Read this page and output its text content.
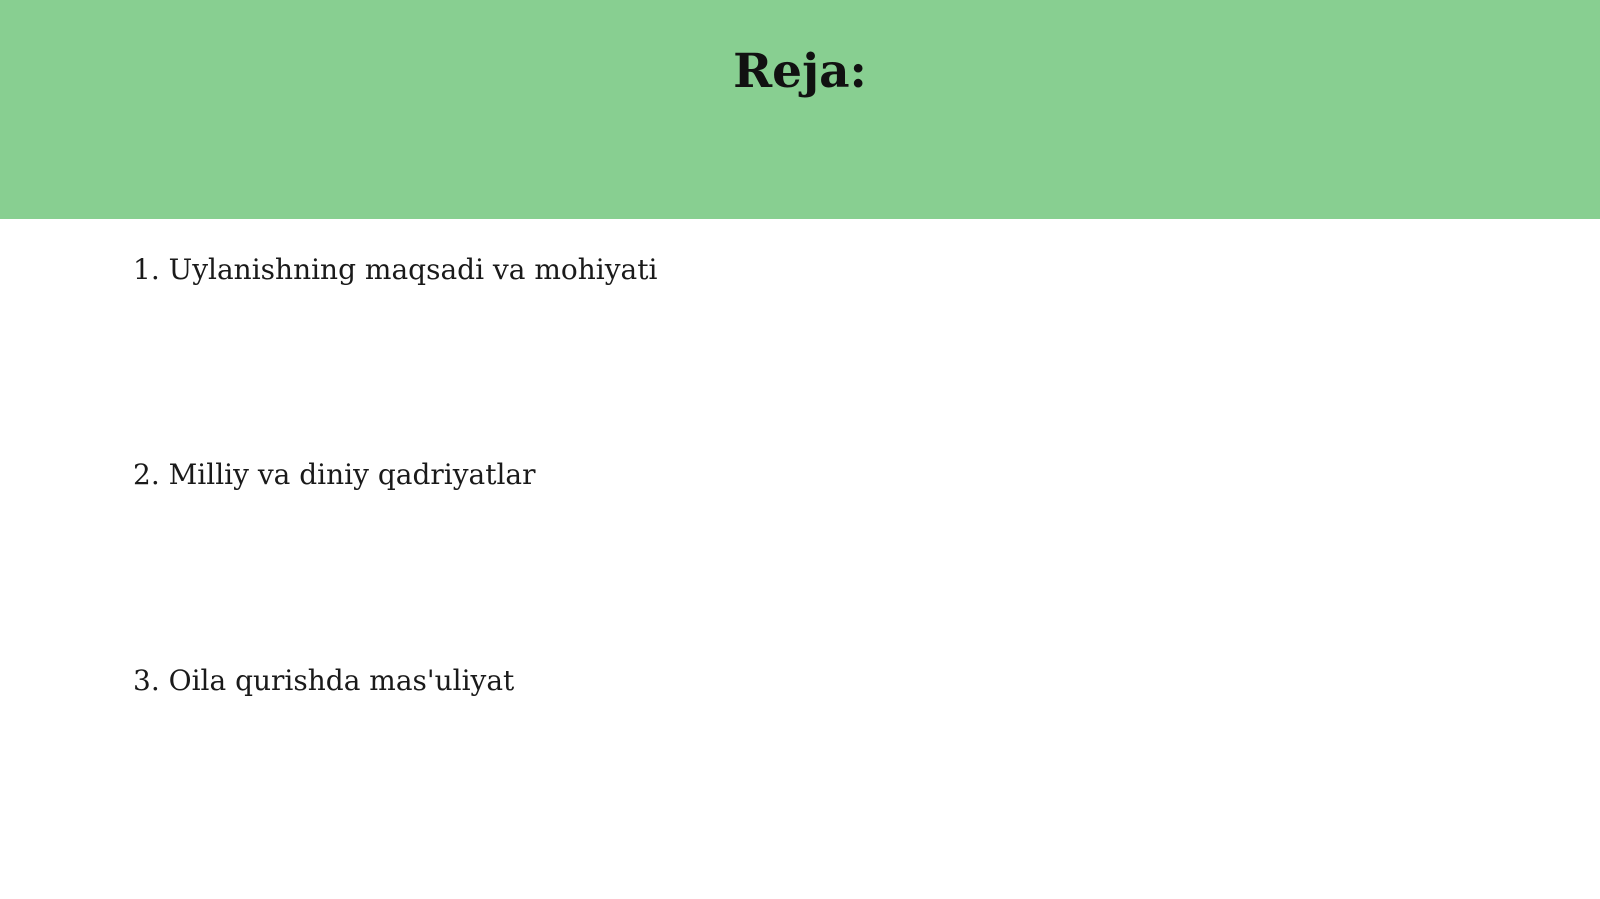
Reja:
1. Uylanishning maqsadi va mohiyati
2. Milliy va diniy qadriyatlar
3. Oila qurishda mas'uliyat
